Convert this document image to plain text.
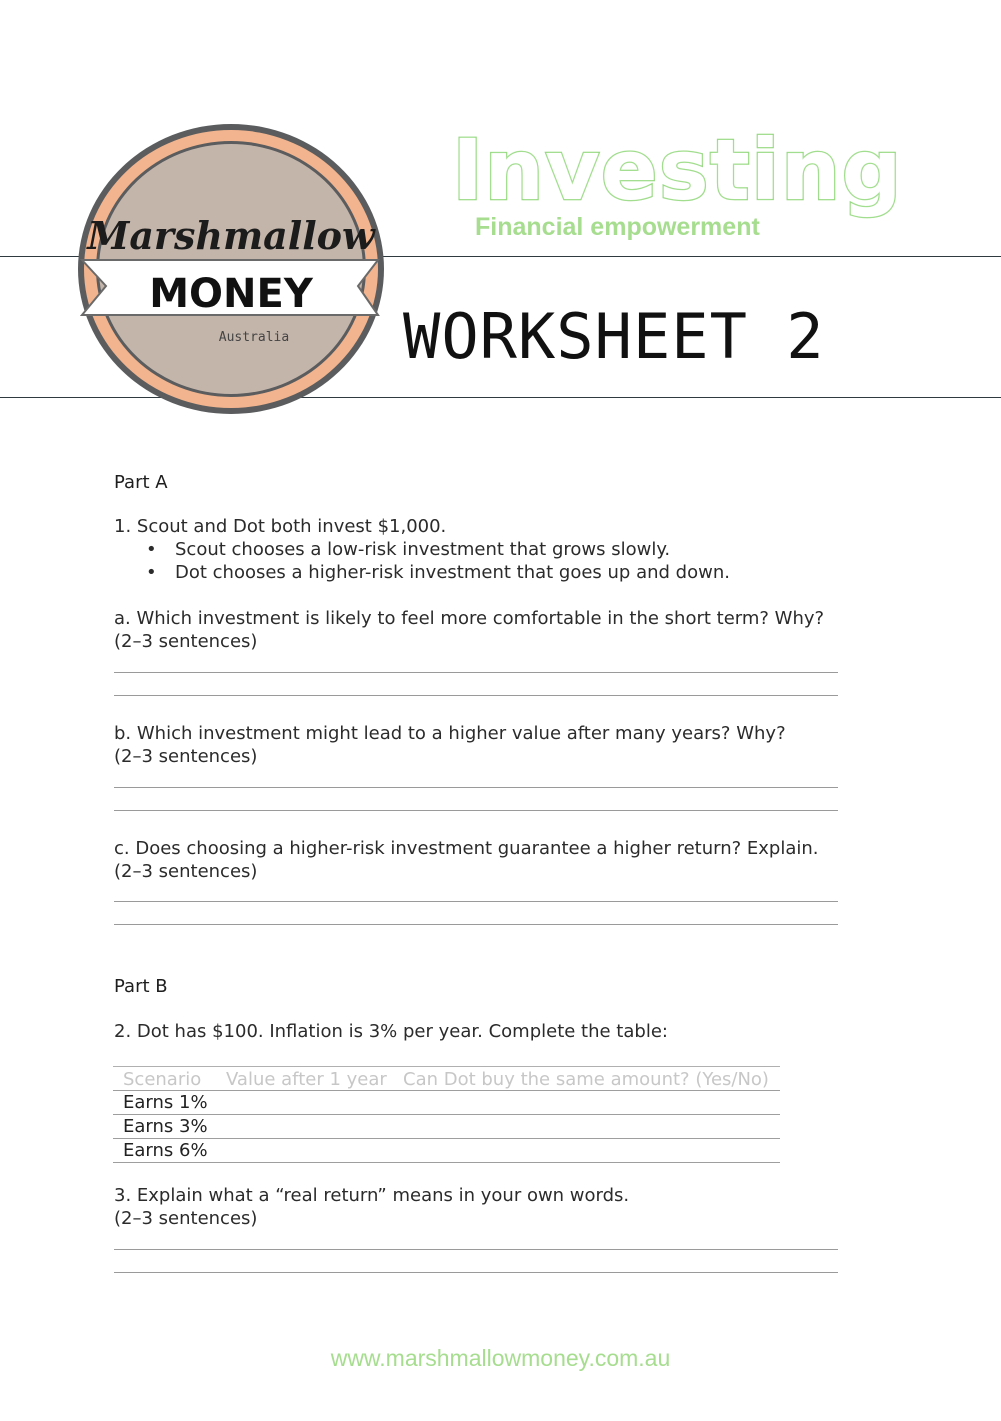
Marshmallow
MONEY
Australia
Investing
Financial empowerment
WORKSHEET 2
Part A
1. Scout and Dot both invest $1,000.
• Scout chooses a low-risk investment that grows slowly.
• Dot chooses a higher-risk investment that goes up and down.
a. Which investment is likely to feel more comfortable in the short term? Why?
(2–3 sentences)
b. Which investment might lead to a higher value after many years? Why?
(2–3 sentences)
c. Does choosing a higher-risk investment guarantee a higher return? Explain.
(2–3 sentences)
Part B
2. Dot has $100. Inflation is 3% per year. Complete the table:
Scenario Value after 1 year Can Dot buy the same amount? (Yes/No)
Earns 1%
Earns 3%
Earns 6%
3. Explain what a “real return” means in your own words.
(2–3 sentences)
www.marshmallowmoney.com.au
